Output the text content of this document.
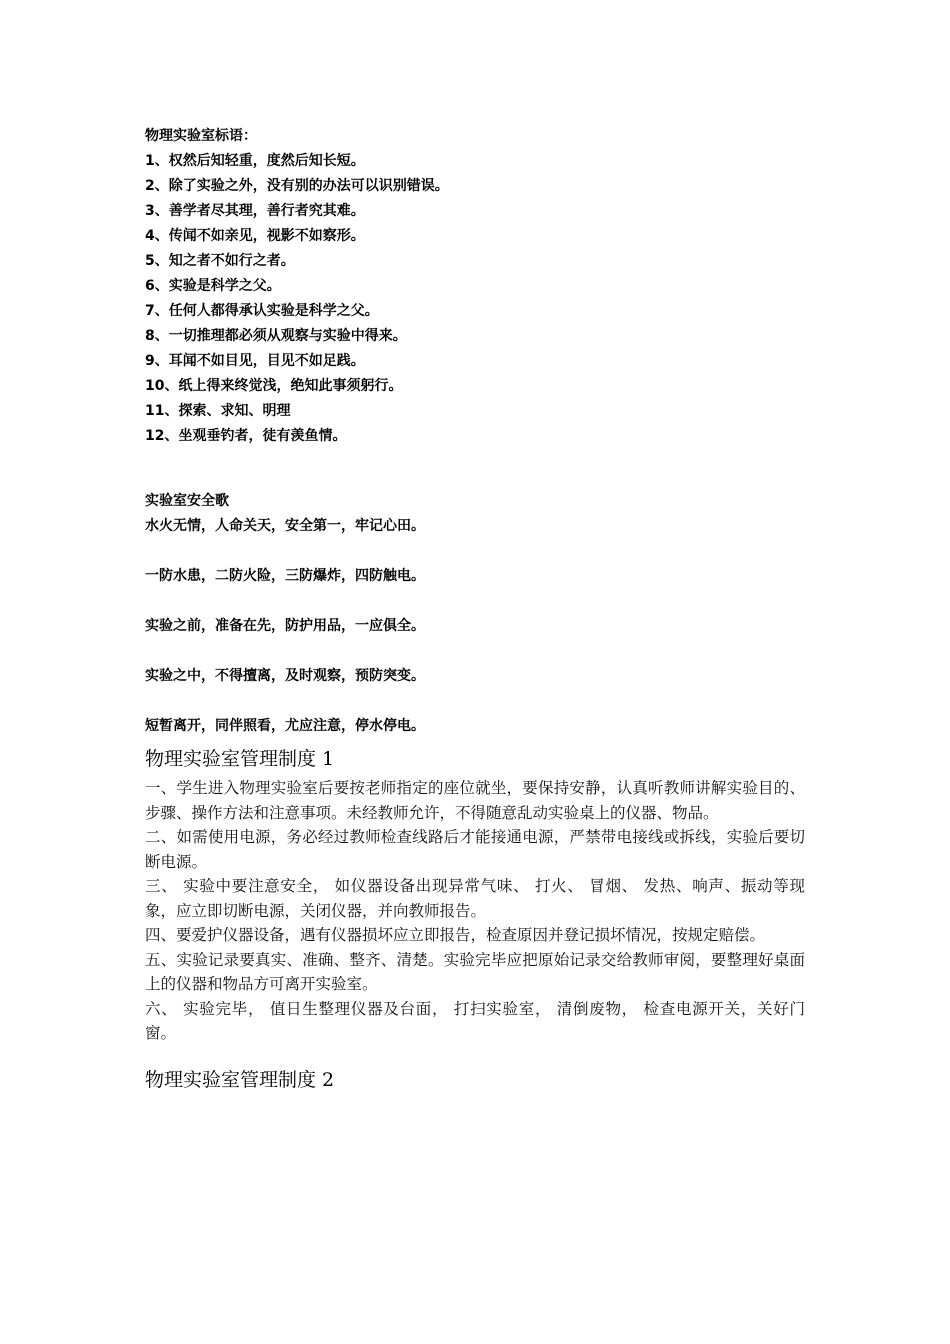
物理实验室标语：
1、权然后知轻重，度然后知长短。
2、除了实验之外，没有别的办法可以识别错误。
3、善学者尽其理，善行者究其难。
4、传闻不如亲见，视影不如察形。
5、知之者不如行之者。
6、实验是科学之父。
7、任何人都得承认实验是科学之父。
8、一切推理都必须从观察与实验中得来。
9、耳闻不如目见，目见不如足践。
10、纸上得来终觉浅，绝知此事须躬行。
11、探索、求知、明理
12、坐观垂钓者，徒有羡鱼情。
实验室安全歌
水火无情，人命关天，安全第一，牢记心田。
一防水患，二防火险，三防爆炸，四防触电。
实验之前，准备在先，防护用品，一应俱全。
实验之中，不得擅离，及时观察，预防突变。
短暂离开，同伴照看，尤应注意，停水停电。
物理实验室管理制度 1
一、学生进入物理实验室后要按老师指定的座位就坐，要保持安静，认真听教师讲解实验目的、步骤、操作方法和注意事项。未经教师允许，不得随意乱动实验桌上的仪器、物品。
二、如需使用电源，务必经过教师检查线路后才能接通电源，严禁带电接线或拆线，实验后要切断电源。
三、 实验中要注意安全， 如仪器设备出现异常气味、 打火、 冒烟、 发热、响声、振动等现象，应立即切断电源，关闭仪器，并向教师报告。
四、要爱护仪器设备，遇有仪器损坏应立即报告，检查原因并登记损坏情况，按规定赔偿。
五、实验记录要真实、准确、整齐、清楚。实验完毕应把原始记录交给教师审阅，要整理好桌面上的仪器和物品方可离开实验室。
六、 实验完毕， 值日生整理仪器及台面， 打扫实验室， 清倒废物， 检查电源开关，关好门窗。
物理实验室管理制度 2
